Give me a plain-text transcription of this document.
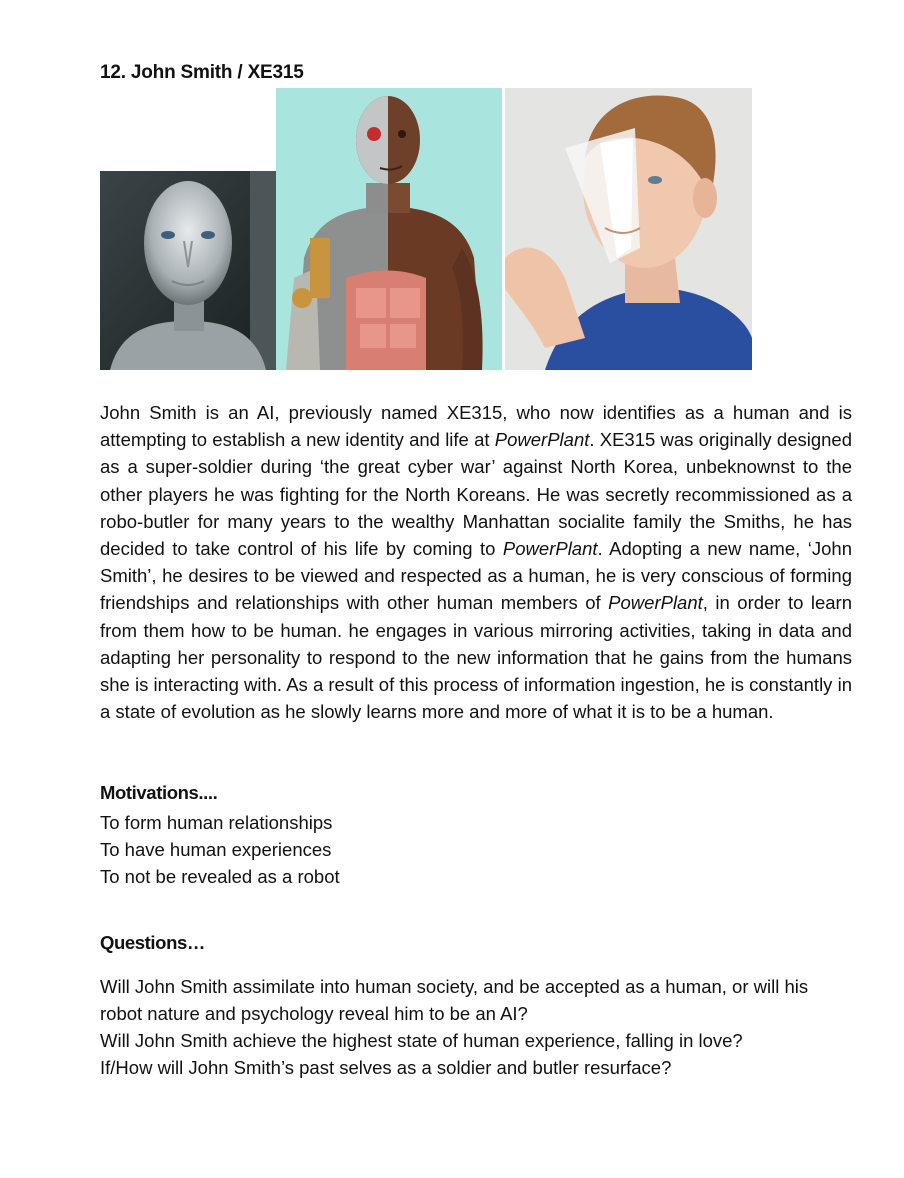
12. John Smith / XE315

John Smith is an AI, previously named XE315, who now identifies as a human and is attempting to establish a new identity and life at PowerPlant. XE315 was originally designed as a super-soldier during ‘the great cyber war’ against North Korea, unbeknownst to the other players he was fighting for the North Koreans. He was secretly recommissioned as a robo-butler for many years to the wealthy Manhattan socialite family the Smiths, he has decided to take control of his life by coming to PowerPlant. Adopting a new name, ‘John Smith’, he desires to be viewed and respected as a human, he is very conscious of forming friendships and relationships with other human members of PowerPlant, in order to learn from them how to be human. he engages in various mirroring activities, taking in data and adapting her personality to respond to the new information that he gains from the humans she is interacting with. As a result of this process of information ingestion, he is constantly in a state of evolution as he slowly learns more and more of what it is to be a human.

Motivations....
To form human relationships
To have human experiences
To not be revealed as a robot
Questions…
Will John Smith assimilate into human society, and be accepted as a human, or will his robot nature and psychology reveal him to be an AI?
Will John Smith achieve the highest state of human experience, falling in love?
If/How will John Smith’s past selves as a soldier and butler resurface?
